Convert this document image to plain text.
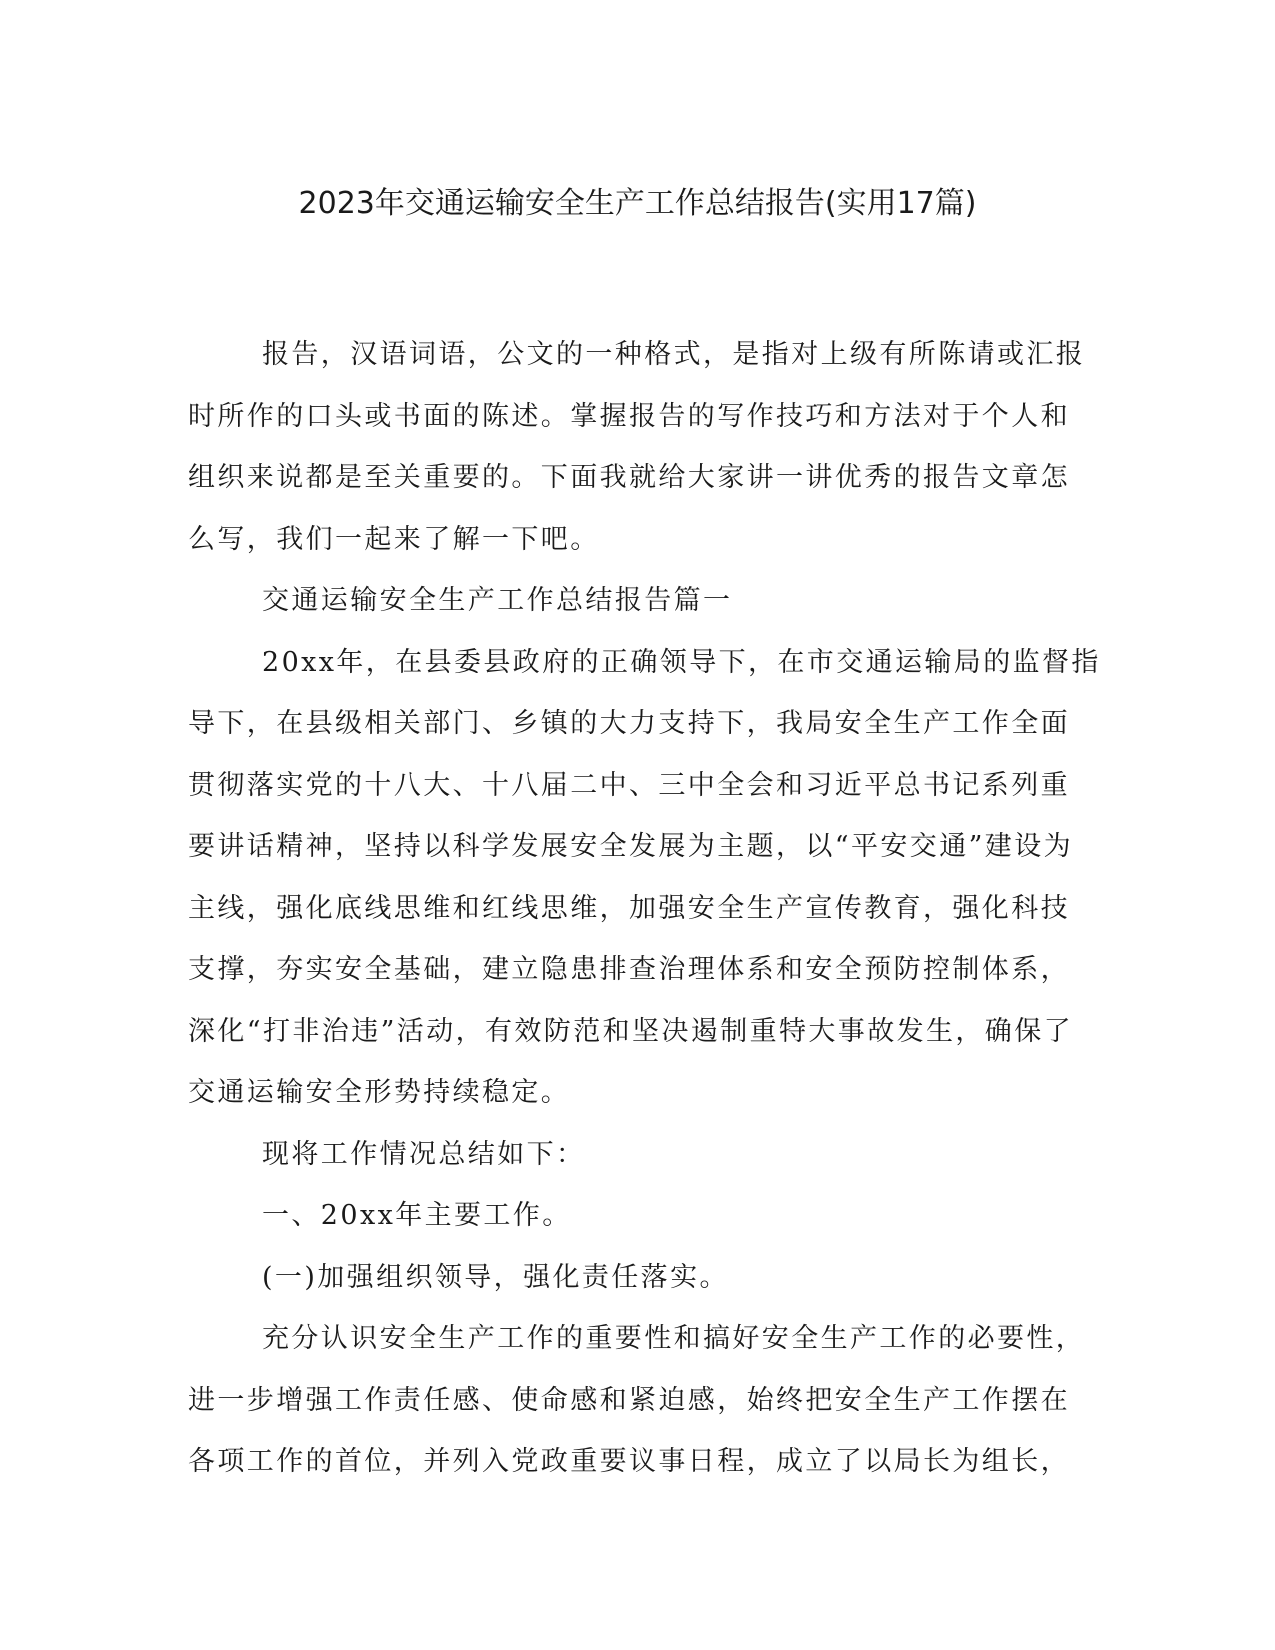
2023年交通运输安全生产工作总结报告(实用17篇)

报告，汉语词语，公文的一种格式，是指对上级有所陈请或汇报

时所作的口头或书面的陈述。掌握报告的写作技巧和方法对于个人和

组织来说都是至关重要的。下面我就给大家讲一讲优秀的报告文章怎

么写，我们一起来了解一下吧。

交通运输安全生产工作总结报告篇一

20xx年，在县委县政府的正确领导下，在市交通运输局的监督指

导下，在县级相关部门、乡镇的大力支持下，我局安全生产工作全面

贯彻落实党的十八大、十八届二中、三中全会和习近平总书记系列重

要讲话精神，坚持以科学发展安全发展为主题，以“平安交通”建设为

主线，强化底线思维和红线思维，加强安全生产宣传教育，强化科技

支撑，夯实安全基础，建立隐患排查治理体系和安全预防控制体系，

深化“打非治违”活动，有效防范和坚决遏制重特大事故发生，确保了

交通运输安全形势持续稳定。

现将工作情况总结如下：

一、20xx年主要工作。

(一)加强组织领导，强化责任落实。

充分认识安全生产工作的重要性和搞好安全生产工作的必要性，

进一步增强工作责任感、使命感和紧迫感，始终把安全生产工作摆在

各项工作的首位，并列入党政重要议事日程，成立了以局长为组长，
